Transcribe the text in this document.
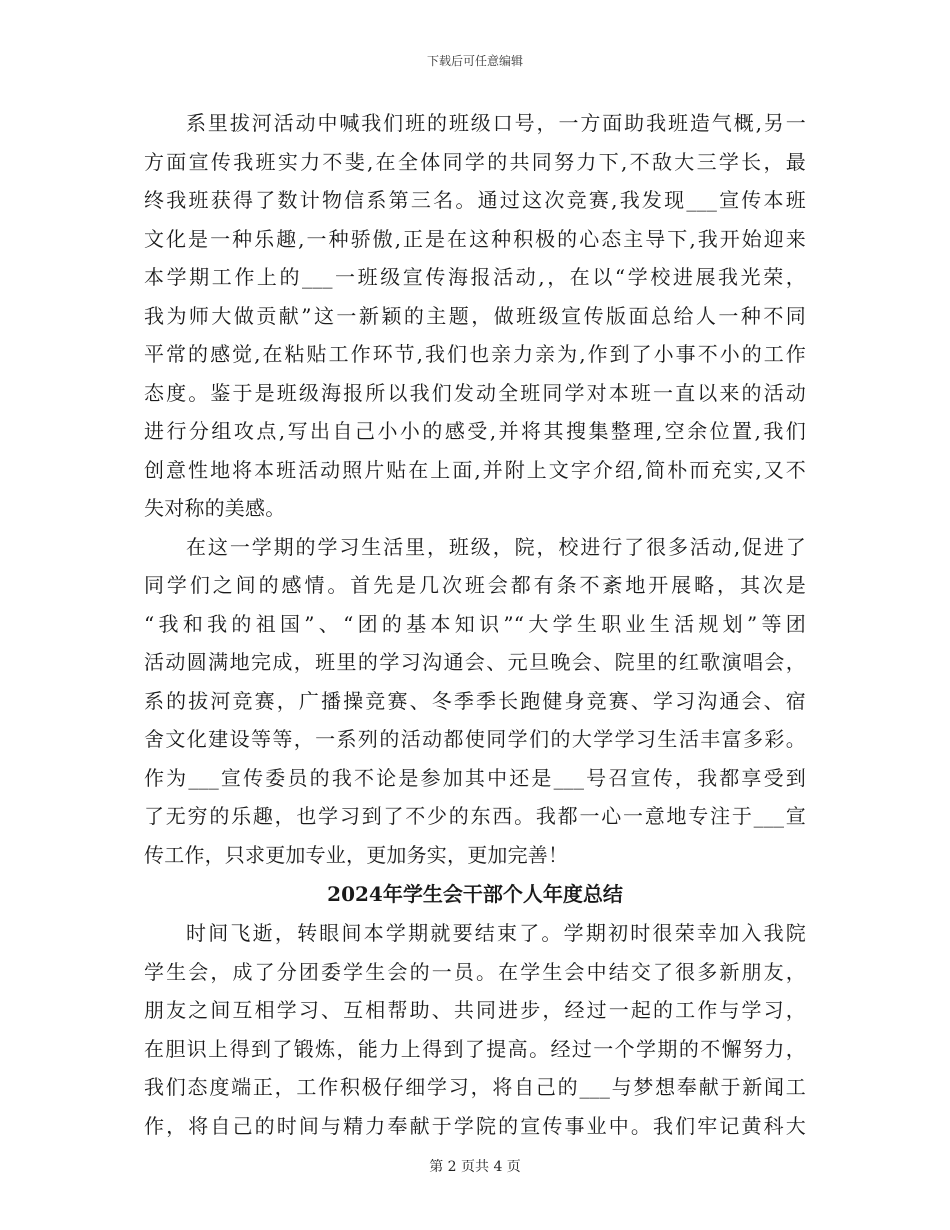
下载后可任意编辑
系里拔河活动中喊我们班的班级口号，一方面助我班造气概,另一
方面宣传我班实力不斐,在全体同学的共同努力下,不敌大三学长，最
终我班获得了数计物信系第三名。通过这次竞赛,我发现___宣传本班
文化是一种乐趣,一种骄傲,正是在这种积极的心态主导下,我开始迎来
本学期工作上的___一班级宣传海报活动,，在以“学校进展我光荣，
我为师大做贡献”这一新颖的主题，做班级宣传版面总给人一种不同
平常的感觉,在粘贴工作环节,我们也亲力亲为,作到了小事不小的工作
态度。鉴于是班级海报所以我们发动全班同学对本班一直以来的活动
进行分组攻点,写出自己小小的感受,并将其搜集整理,空余位置,我们
创意性地将本班活动照片贴在上面,并附上文字介绍,简朴而充实,又不
失对称的美感。
在这一学期的学习生活里，班级，院，校进行了很多活动,促进了
同学们之间的感情。首先是几次班会都有条不紊地开展略，其次是
“我和我的祖国”、“团的基本知识”“大学生职业生活规划”等团
活动圆满地完成，班里的学习沟通会、元旦晚会、院里的红歌演唱会，
系的拔河竞赛，广播操竞赛、冬季季长跑健身竞赛、学习沟通会、宿
舍文化建设等等，一系列的活动都使同学们的大学学习生活丰富多彩。
作为___宣传委员的我不论是参加其中还是___号召宣传，我都享受到
了无穷的乐趣，也学习到了不少的东西。我都一心一意地专注于___宣
传工作，只求更加专业，更加务实，更加完善！
2024年学生会干部个人年度总结
时间飞逝，转眼间本学期就要结束了。学期初时很荣幸加入我院
学生会，成了分团委学生会的一员。在学生会中结交了很多新朋友，
朋友之间互相学习、互相帮助、共同进步，经过一起的工作与学习，
在胆识上得到了锻炼，能力上得到了提高。经过一个学期的不懈努力，
我们态度端正，工作积极仔细学习，将自己的___与梦想奉献于新闻工
作，将自己的时间与精力奉献于学院的宣传事业中。我们牢记黄科大
第 2 页共 4 页
